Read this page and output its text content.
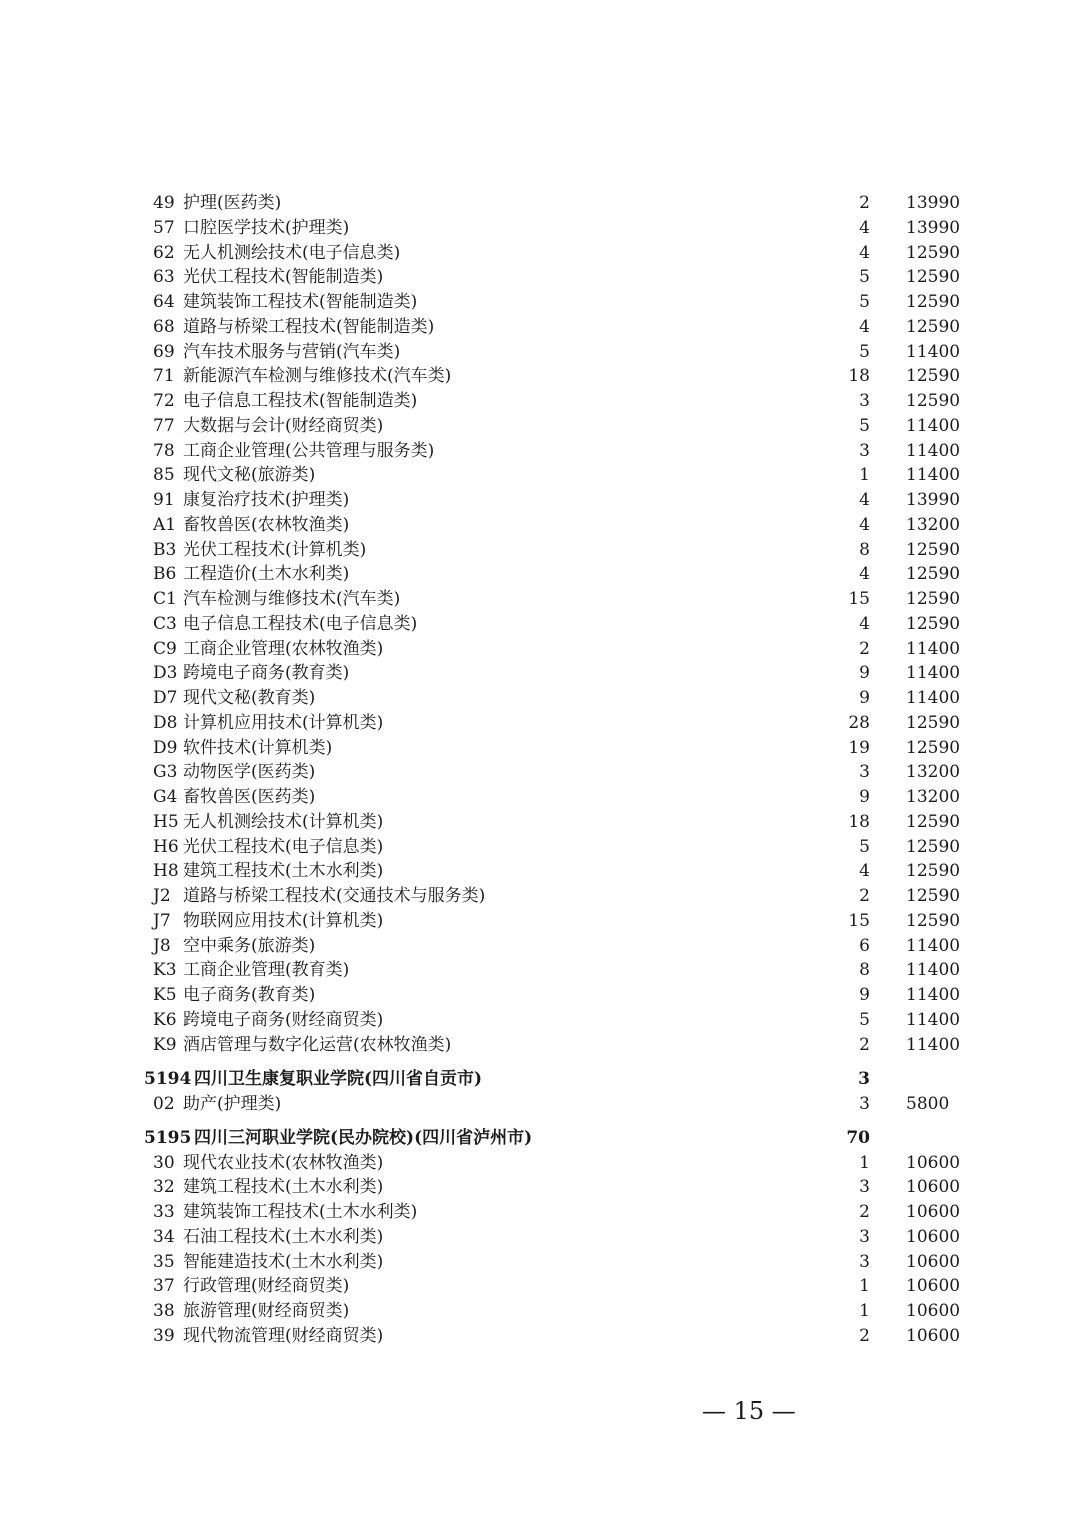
49 护理(医药类)	2 13990
57 口腔医学技术(护理类)	4 13990
62 无人机测绘技术(电子信息类)	4 12590
63 光伏工程技术(智能制造类)	5 12590
64 建筑装饰工程技术(智能制造类)	5 12590
68 道路与桥梁工程技术(智能制造类)	4 12590
69 汽车技术服务与营销(汽车类)	5 11400
71 新能源汽车检测与维修技术(汽车类)	18 12590
72 电子信息工程技术(智能制造类)	3 12590
77 大数据与会计(财经商贸类)	5 11400
78 工商企业管理(公共管理与服务类)	3 11400
85 现代文秘(旅游类)	1 11400
91 康复治疗技术(护理类)	4 13990
A1 畜牧兽医(农林牧渔类)	4 13200
B3 光伏工程技术(计算机类)	8 12590
B6 工程造价(土木水利类)	4 12590
C1 汽车检测与维修技术(汽车类)	15 12590
C3 电子信息工程技术(电子信息类)	4 12590
C9 工商企业管理(农林牧渔类)	2 11400
D3 跨境电子商务(教育类)	9 11400
D7 现代文秘(教育类)	9 11400
D8 计算机应用技术(计算机类)	28 12590
D9 软件技术(计算机类)	19 12590
G3 动物医学(医药类)	3 13200
G4 畜牧兽医(医药类)	9 13200
H5 无人机测绘技术(计算机类)	18 12590
H6 光伏工程技术(电子信息类)	5 12590
H8 建筑工程技术(土木水利类)	4 12590
J2 道路与桥梁工程技术(交通技术与服务类)	2 12590
J7 物联网应用技术(计算机类)	15 12590
J8 空中乘务(旅游类)	6 11400
K3 工商企业管理(教育类)	8 11400
K5 电子商务(教育类)	9 11400
K6 跨境电子商务(财经商贸类)	5 11400
K9 酒店管理与数字化运营(农林牧渔类)	2 11400
5194 四川卫生康复职业学院(四川省自贡市)	3
02 助产(护理类)	3 5800
5195 四川三河职业学院(民办院校)(四川省泸州市)	70
30 现代农业技术(农林牧渔类)	1 10600
32 建筑工程技术(土木水利类)	3 10600
33 建筑装饰工程技术(土木水利类)	2 10600
34 石油工程技术(土木水利类)	3 10600
35 智能建造技术(土木水利类)	3 10600
37 行政管理(财经商贸类)	1 10600
38 旅游管理(财经商贸类)	1 10600
39 现代物流管理(财经商贸类)	2 10600
— 15 —
